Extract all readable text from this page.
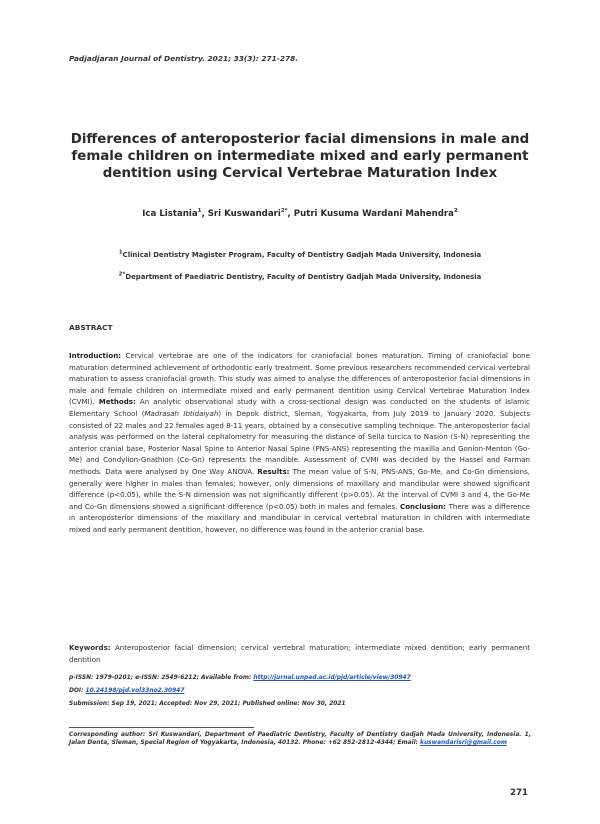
Padjadjaran Journal of Dentistry. 2021; 33(3): 271-278.
Differences of anteroposterior facial dimensions in male and
female children on intermediate mixed and early permanent
dentition using Cervical Vertebrae Maturation Index
Ica Listania$^1$, Sri Kuswandari$^{2*}$, Putri Kusuma Wardani Mahendra$^2$
$^1$Clinical Dentistry Magister Program, Faculty of Dentistry Gadjah Mada University, Indonesia
$^{2*}$Department of Paediatric Dentistry, Faculty of Dentistry Gadjah Mada University, Indonesia
ABSTRACT

Introduction: Cervical vertebrae are one of the indicators for craniofacial bones maturation. Timing of craniofacial bone maturation determined achievement of orthodontic early treatment. Some previous researchers recommended cervical vertebral maturation to assess craniofacial growth. This study was aimed to analyse the differences of anteroposterior facial dimensions in male and female children on intermediate mixed and early permanent dentition using Cervical Vertebrae Maturation Index (CVMI). Methods: An analytic observational study with a cross-sectional design was conducted on the students of Islamic Elementary School (Madrasah Ibtidaiyah) in Depok district, Sleman, Yogyakarta, from July 2019 to January 2020. Subjects consisted of 22 males and 22 females aged 8-11 years, obtained by a consecutive sampling technique. The anteroposterior facial analysis was performed on the lateral cephalometry for measuring the distance of Sella turcica to Nasion (S-N) representing the anterior cranial base, Posterior Nasal Spine to Anterior Nasal Spine (PNS-ANS) representing the maxilla and Gonion-Menton (Go-Me) and Condylion-Gnathion (Co-Gn) represents the mandible. Assessment of CVMI was decided by the Hassel and Farman methods. Data were analysed by One Way ANOVA. Results: The mean value of S-N, PNS-ANS, Go-Me, and Co-Gn dimensions, generally were higher in males than females; however, only dimensions of maxillary and mandibular were showed significant difference (p<0.05), while the S-N dimension was not significantly different (p>0.05). At the interval of CVMI 3 and 4, the Go-Me and Co-Gn dimensions showed a significant difference (p<0.05) both in males and females. Conclusion: There was a difference in anteroposterior dimensions of the maxillary and mandibular in cervical vertebral maturation in children with intermediate mixed and early permanent dentition, however, no difference was found in the anterior cranial base.

Keywords: Anteroposterior facial dimension; cervical vertebral maturation; intermediate mixed dentition; early permanent dentition

p-ISSN: 1979-0201; e-ISSN: 2549-6212; Available from: http://jurnal.unpad.ac.id/pjd/article/view/30947
DOI: 10.24198/pjd.vol33no2.30947
Submission: Sep 19, 2021; Accepted: Nov 29, 2021; Published online: Nov 30, 2021
Corresponding author: Sri Kuswandari, Department of Paediatric Dentistry, Faculty of Dentistry Gadjah Mada University, Indonesia. 1, Jalan Denta, Sleman, Special Region of Yogyakarta, Indonesia, 40132. Phone: +62 852-2812-4344; Email: kuswandarisri@gmail.com
271
